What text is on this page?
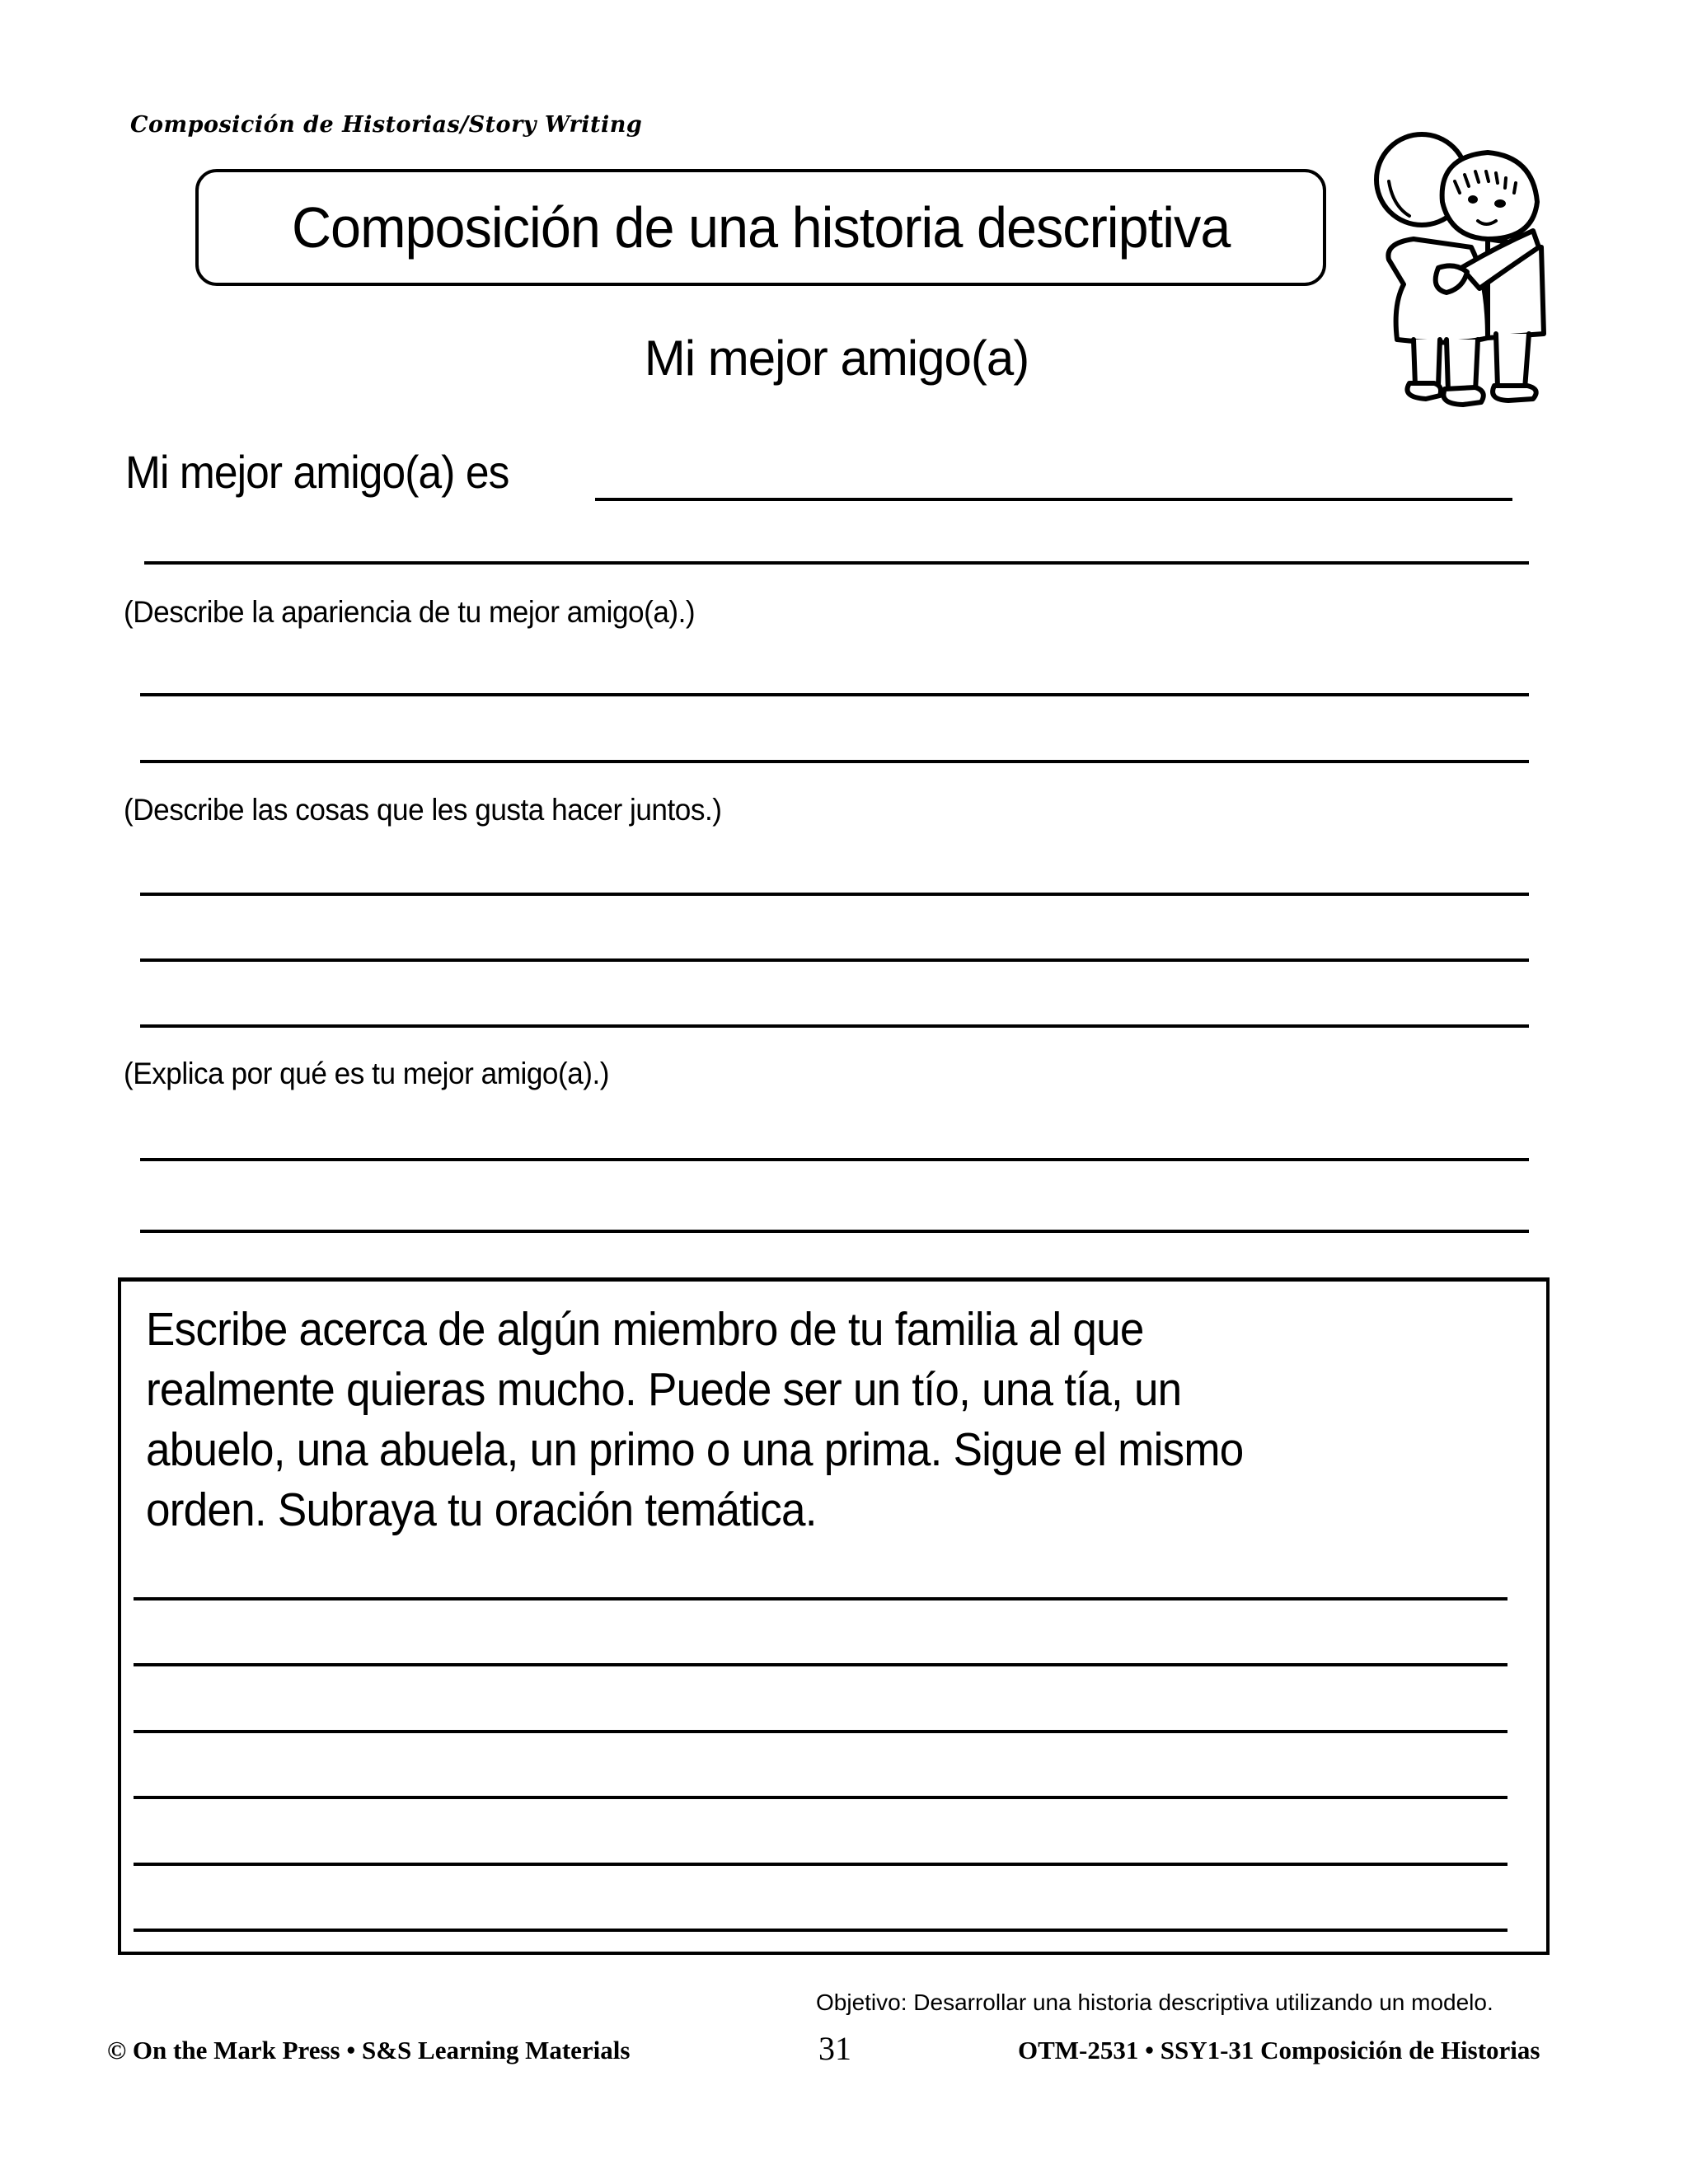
Composición de Historias/Story Writing
Composición de una historia descriptiva
Mi mejor amigo(a)
Mi mejor amigo(a) es
(Describe la apariencia de tu mejor amigo(a).)
(Describe las cosas que les gusta hacer juntos.)
(Explica por qué es tu mejor amigo(a).)
Escribe acerca de algún miembro de tu familia al que
realmente quieras mucho. Puede ser un tío, una tía, un
abuelo, una abuela, un primo o una prima. Sigue el mismo
orden. Subraya tu oración temática.
Objetivo: Desarrollar una historia descriptiva utilizando un modelo.
© On the Mark Press • S&S Learning Materials	31	OTM-2531 • SSY1-31 Composición de Historias
